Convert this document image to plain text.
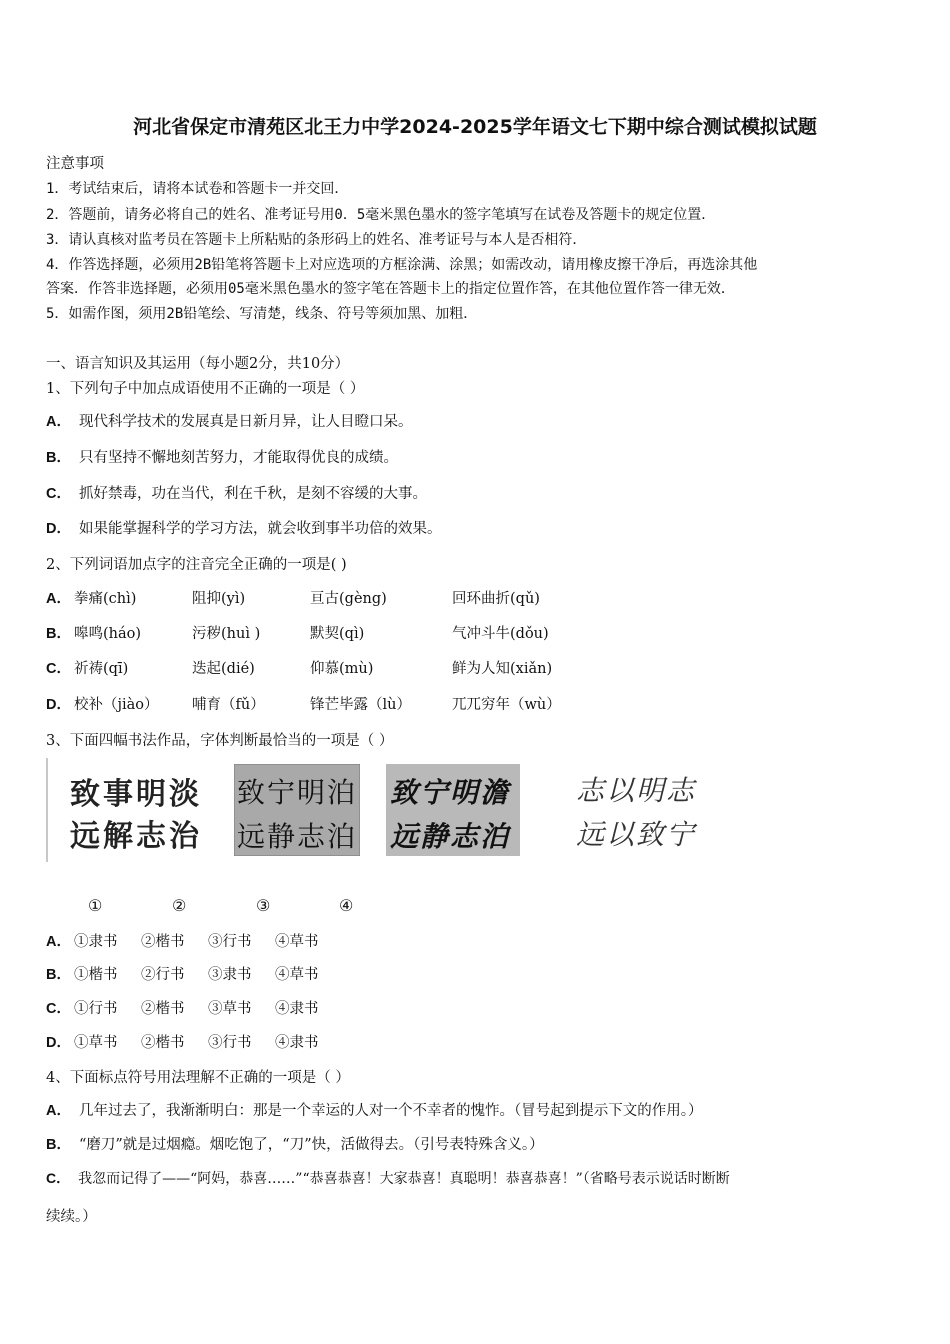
河北省保定市清苑区北王力中学2024-2025学年语文七下期中综合测试模拟试题
注意事项
1．考试结束后，请将本试卷和答题卡一并交回．
2．答题前，请务必将自己的姓名、准考证号用0．5毫米黑色墨水的签字笔填写在试卷及答题卡的规定位置．
3．请认真核对监考员在答题卡上所粘贴的条形码上的姓名、准考证号与本人是否相符．
4．作答选择题，必须用2B铅笔将答题卡上对应选项的方框涂满、涂黑；如需改动，请用橡皮擦干净后，再选涂其他
答案．作答非选择题，必须用05毫米黑色墨水的签字笔在答题卡上的指定位置作答，在其他位置作答一律无效．
5．如需作图，须用2B铅笔绘、写清楚，线条、符号等须加黑、加粗．
一、语言知识及其运用（每小题2分，共10分）
1、下列句子中加点成语使用不正确的一项是（ ）
A． 现代科学技术的发展真是日新月异，让人目瞪口呆。
B． 只有坚持不懈地刻苦努力，才能取得优良的成绩。
C． 抓好禁毒，功在当代，利在千秋，是刻不容缓的大事。
D． 如果能掌握科学的学习方法，就会收到事半功倍的效果。
2、下列词语加点字的注音完全正确的一项是( )
A． 拳痛(chì)	阻抑(yì)	亘古(gèng)	回环曲折(qǔ)
B． 嗥鸣(háo)	污秽(huì )	默契(qì)	气冲斗牛(dǒu)
C． 祈祷(qī)	迭起(dié)	仰慕(mù)	鲜为人知(xiǎn)
D． 校补（jiào） 哺育（fǔ）	锋芒毕露（lù）	兀兀穷年（wù）
3、下面四幅书法作品，字体判断最恰当的一项是（ ）
致事明淡
远解志治
致宁明泊
远静志泊
致宁明澹
远静志泊
志以明志
远以致宁
①	②	③	④
A． ①隶书 ②楷书 ③行书 ④草书
B． ①楷书 ②行书 ③隶书 ④草书
C． ①行书 ②楷书 ③草书 ④隶书
D． ①草书 ②楷书 ③行书 ④隶书
4、下面标点符号用法理解不正确的一项是（ ）
A． 几年过去了，我渐渐明白：那是一个幸运的人对一个不幸者的愧怍。（冒号起到提示下文的作用。）
B． “磨刀”就是过烟瘾。烟吃饱了，“刀”快，活做得去。（引号表特殊含义。）
C． 我忽而记得了——“阿妈，恭喜……”“恭喜恭喜！大家恭喜！真聪明！恭喜恭喜！”（省略号表示说话时断断
续续。）
